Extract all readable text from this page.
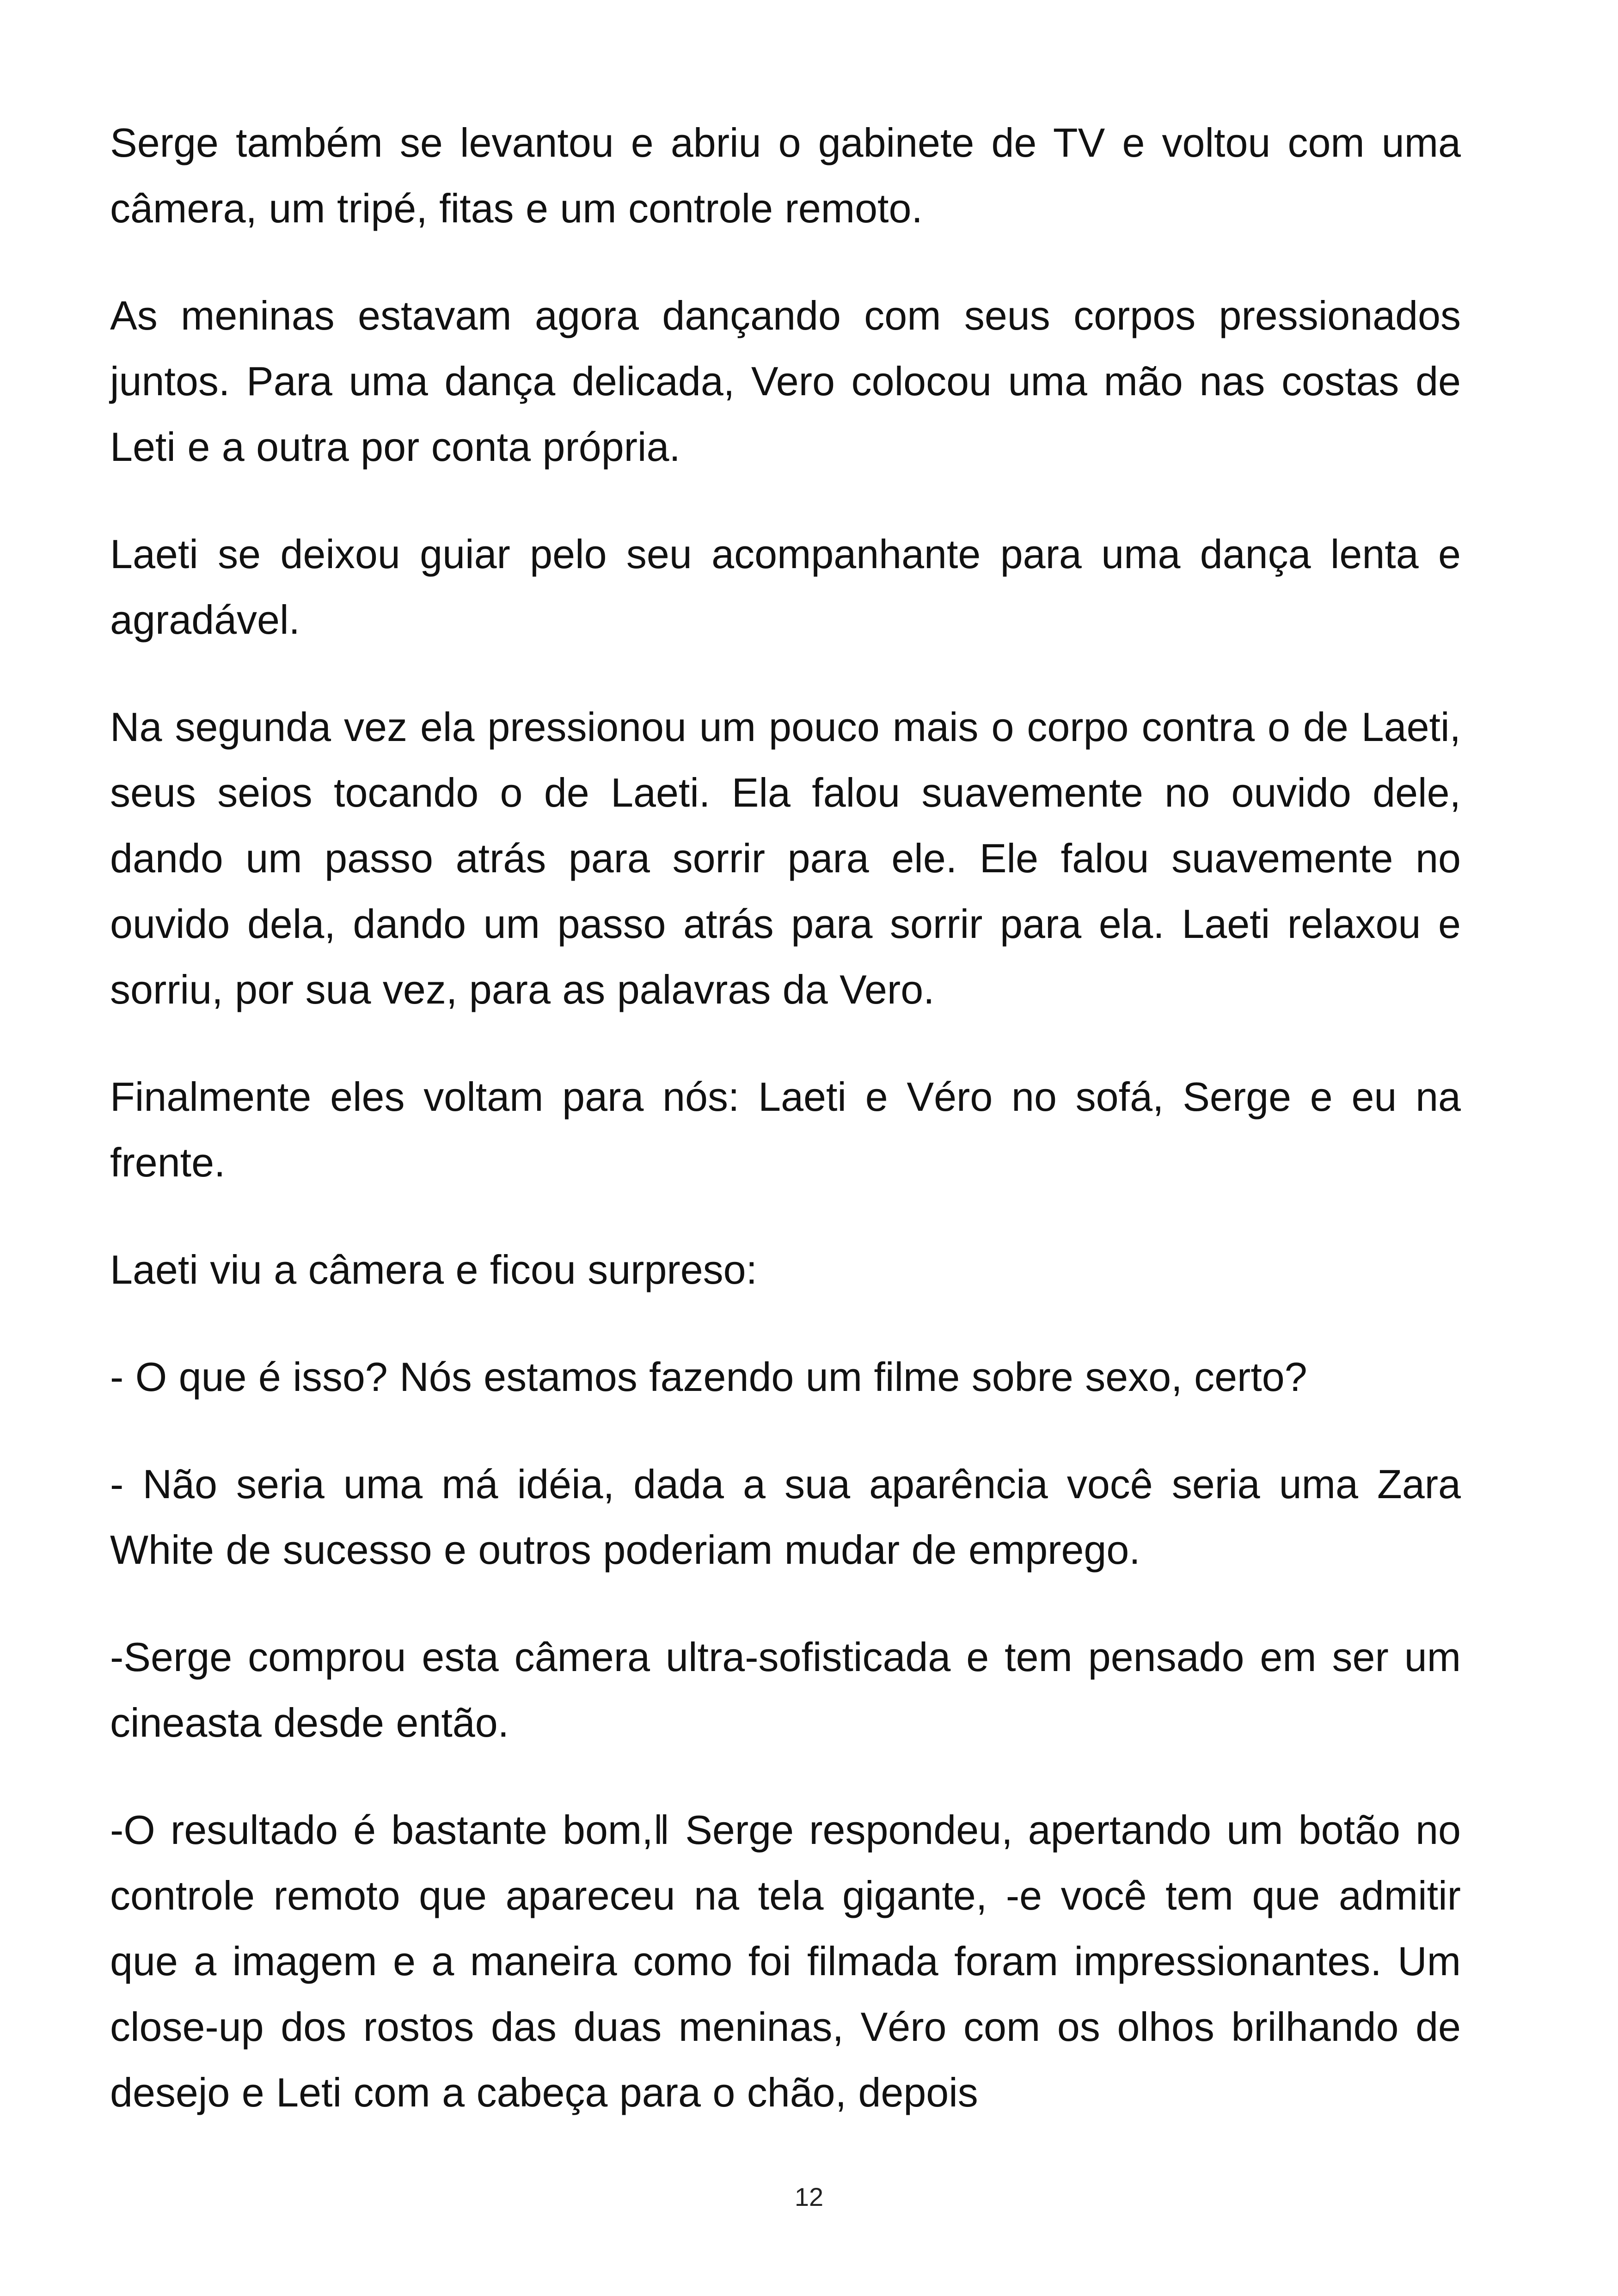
Serge também se levantou e abriu o gabinete de TV e voltou com uma câmera, um tripé, fitas e um controle remoto.

As meninas estavam agora dançando com seus corpos pressionados juntos. Para uma dança delicada, Vero colocou uma mão nas costas de Leti e a outra por conta própria.

Laeti se deixou guiar pelo seu acompanhante para uma dança lenta e agradável.

Na segunda vez ela pressionou um pouco mais o corpo contra o de Laeti, seus seios tocando o de Laeti. Ela falou suavemente no ouvido dele, dando um passo atrás para sorrir para ele. Ele falou suavemente no ouvido dela, dando um passo atrás para sorrir para ela. Laeti relaxou e sorriu, por sua vez, para as palavras da Vero.

Finalmente eles voltam para nós: Laeti e Véro no sofá, Serge e eu na frente.

Laeti viu a câmera e ficou surpreso:

- O que é isso? Nós estamos fazendo um filme sobre sexo, certo?

- Não seria uma má idéia, dada a sua aparência você seria uma Zara White de sucesso e outros poderiam mudar de emprego.

-Serge comprou esta câmera ultra-sofisticada e tem pensado em ser um cineasta desde então.

-O resultado é bastante bom,‖ Serge respondeu, apertando um botão no controle remoto que apareceu na tela gigante, -e você tem que admitir que a imagem e a maneira como foi filmada foram impressionantes. Um close-up dos rostos das duas meninas, Véro com os olhos brilhando de desejo e Leti com a cabeça para o chão, depois

12
